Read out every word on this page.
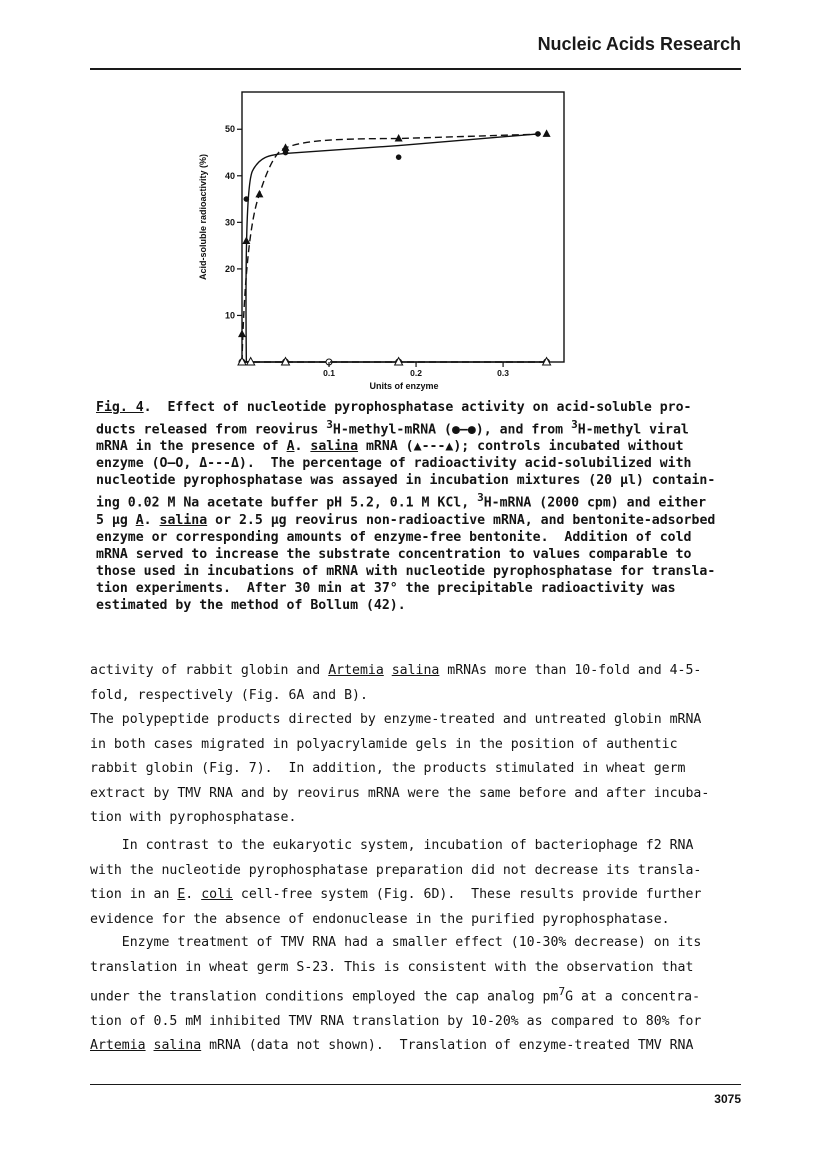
Nucleic Acids Research
10
20
30
40
50
0.1	0.2	0.3
Acid-soluble radioactivity (%)
Units of enzyme
Fig. 4.  Effect of nucleotide pyrophosphatase activity on acid-soluble pro-
ducts released from reovirus $^3$H-methyl-mRNA (●—●), and from $^3$H-methyl viral
mRNA in the presence of A. salina mRNA (▲---▲); controls incubated without
enzyme (O—O, Δ---Δ).  The percentage of radioactivity acid-solubilized with
nucleotide pyrophosphatase was assayed in incubation mixtures (20 µl) contain-
ing 0.02 M Na acetate buffer pH 5.2, 0.1 M KCl, $^3$H-mRNA (2000 cpm) and either
5 µg A. salina or 2.5 µg reovirus non-radioactive mRNA, and bentonite-adsorbed
enzyme or corresponding amounts of enzyme-free bentonite.  Addition of cold
mRNA served to increase the substrate concentration to values comparable to
those used in incubations of mRNA with nucleotide pyrophosphatase for transla-
tion experiments.  After 30 min at 37° the precipitable radioactivity was
estimated by the method of Bollum (42).
activity of rabbit globin and Artemia salina mRNAs more than 10-fold and 4-5-
fold, respectively (Fig. 6A and B).
The polypeptide products directed by enzyme-treated and untreated globin mRNA
in both cases migrated in polyacrylamide gels in the position of authentic
rabbit globin (Fig. 7).  In addition, the products stimulated in wheat germ
extract by TMV RNA and by reovirus mRNA were the same before and after incuba-
tion with pyrophosphatase.
In contrast to the eukaryotic system, incubation of bacteriophage f2 RNA
with the nucleotide pyrophosphatase preparation did not decrease its transla-
tion in an E. coli cell-free system (Fig. 6D).  These results provide further
evidence for the absence of endonuclease in the purified pyrophosphatase.
Enzyme treatment of TMV RNA had a smaller effect (10-30% decrease) on its
translation in wheat germ S-23. This is consistent with the observation that
under the translation conditions employed the cap analog $pm^7G$ at a concentra-
tion of 0.5 mM inhibited TMV RNA translation by 10-20% as compared to 80% for
Artemia salina mRNA (data not shown).  Translation of enzyme-treated TMV RNA
3075
